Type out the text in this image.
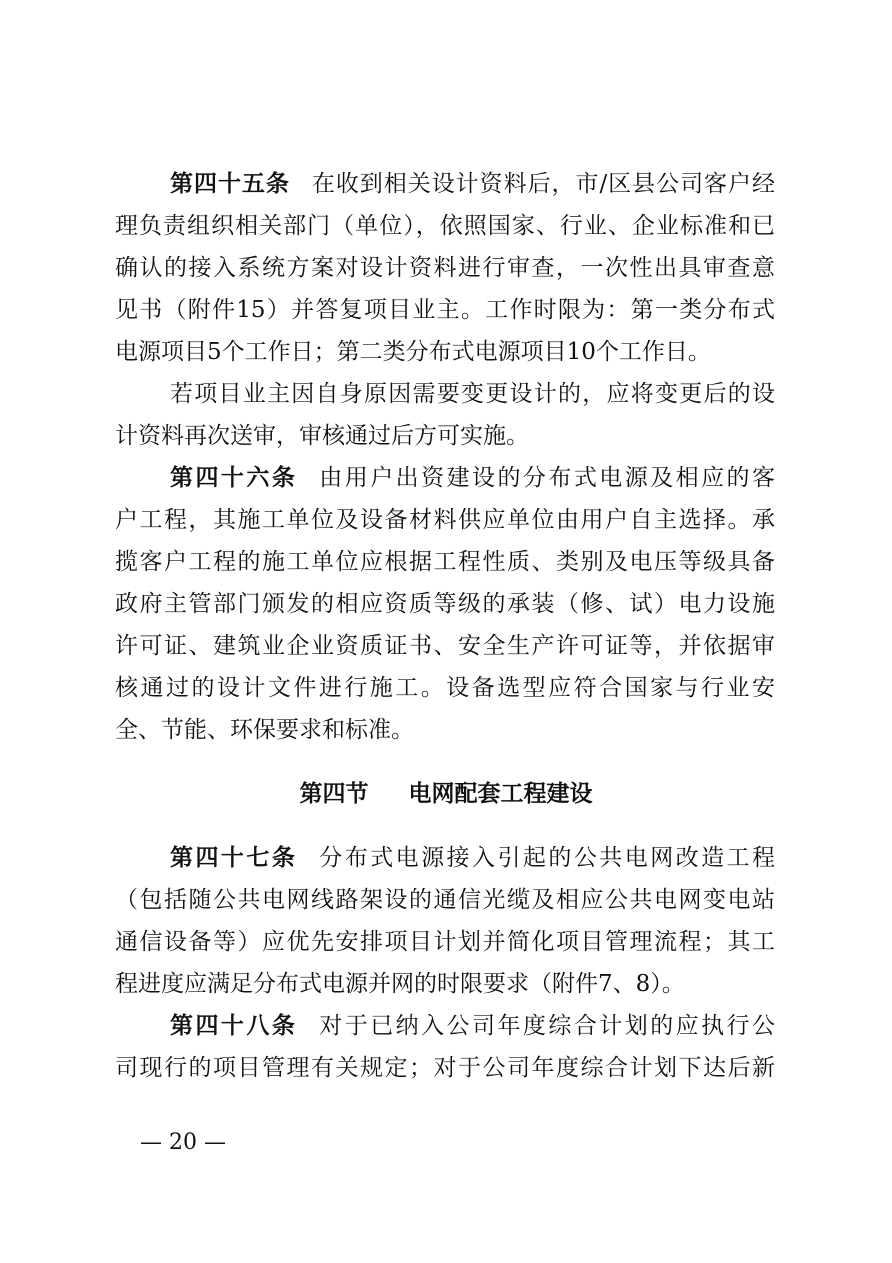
第四十五条 在收到相关设计资料后，市/区县公司客户经
理负责组织相关部门（单位），依照国家、行业、企业标准和已
确认的接入系统方案对设计资料进行审查，一次性出具审查意
见书（附件15）并答复项目业主。工作时限为：第一类分布式
电源项目5个工作日；第二类分布式电源项目10个工作日。
若项目业主因自身原因需要变更设计的，应将变更后的设
计资料再次送审，审核通过后方可实施。
第四十六条 由用户出资建设的分布式电源及相应的客
户工程，其施工单位及设备材料供应单位由用户自主选择。承
揽客户工程的施工单位应根据工程性质、类别及电压等级具备
政府主管部门颁发的相应资质等级的承装（修、试）电力设施
许可证、建筑业企业资质证书、安全生产许可证等，并依据审
核通过的设计文件进行施工。设备选型应符合国家与行业安
全、节能、环保要求和标准。
第四节 电网配套工程建设
第四十七条 分布式电源接入引起的公共电网改造工程
（包括随公共电网线路架设的通信光缆及相应公共电网变电站
通信设备等）应优先安排项目计划并简化项目管理流程；其工
程进度应满足分布式电源并网的时限要求（附件7、8）。
第四十八条 对于已纳入公司年度综合计划的应执行公
司现行的项目管理有关规定；对于公司年度综合计划下达后新
— 20 —
